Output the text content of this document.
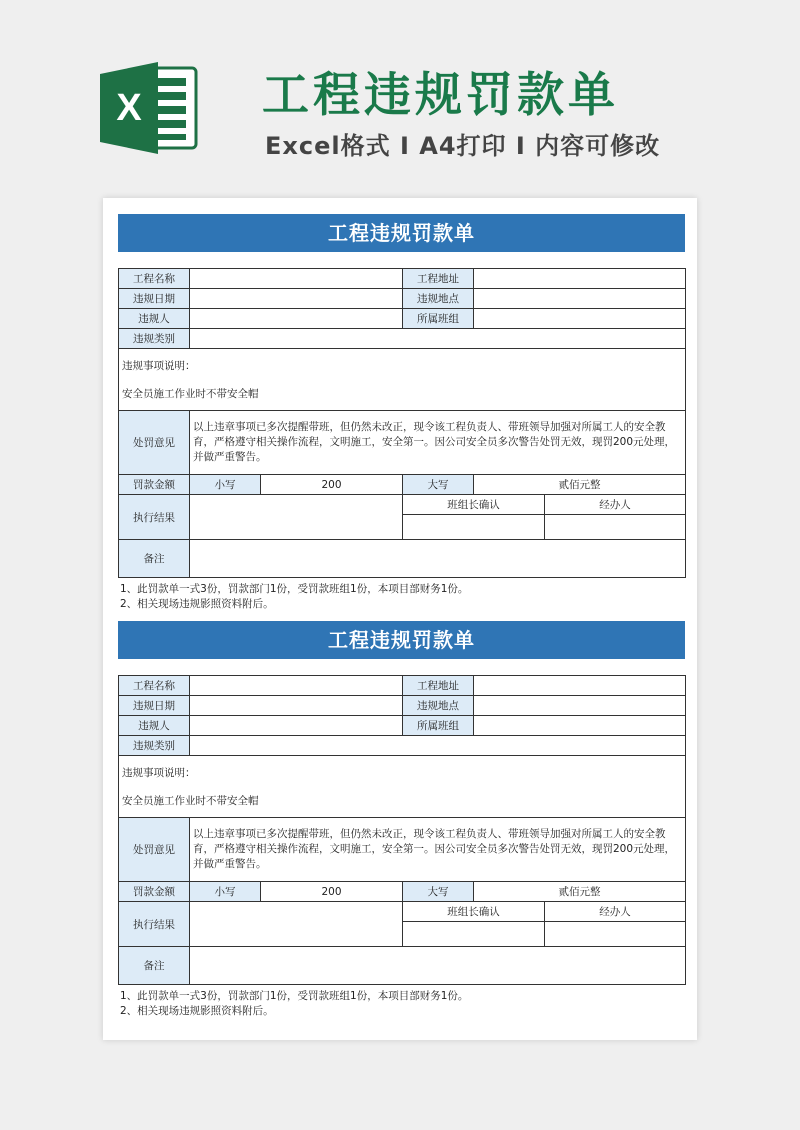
X	工程违规罚款单
Excel格式 I A4打印 I 内容可修改
工程违规罚款单
工程名称			工程地址		
违规日期			违规地点		
违规人			所属班组		
违规类别					

违规事项说明：
安全员施工作业时不带安全帽					

处罚意见	以上违章事项已多次提醒带班，但仍然未改正，现令该工程负责人、带班领导加强对所属工人的安全教育，严格遵守相关操作流程，文明施工，安全第一。因公司安全员多次警告处罚无效，现罚200元处理，并做严重警告。				
罚款金额	小写	200	大写	贰佰元整	
执行结果			班组长确认		经办人

备注					
1、此罚款单一式3份，罚款部门1份，受罚款班组1份，本项目部财务1份。
2、相关现场违规影照资料附后。
工程违规罚款单
工程名称			工程地址		
违规日期			违规地点		
违规人			所属班组		
违规类别					

违规事项说明：
安全员施工作业时不带安全帽					

处罚意见	以上违章事项已多次提醒带班，但仍然未改正，现令该工程负责人、带班领导加强对所属工人的安全教育，严格遵守相关操作流程，文明施工，安全第一。因公司安全员多次警告处罚无效，现罚200元处理，并做严重警告。				
罚款金额	小写	200	大写	贰佰元整	
执行结果			班组长确认		经办人

备注					
1、此罚款单一式3份，罚款部门1份，受罚款班组1份，本项目部财务1份。
2、相关现场违规影照资料附后。
